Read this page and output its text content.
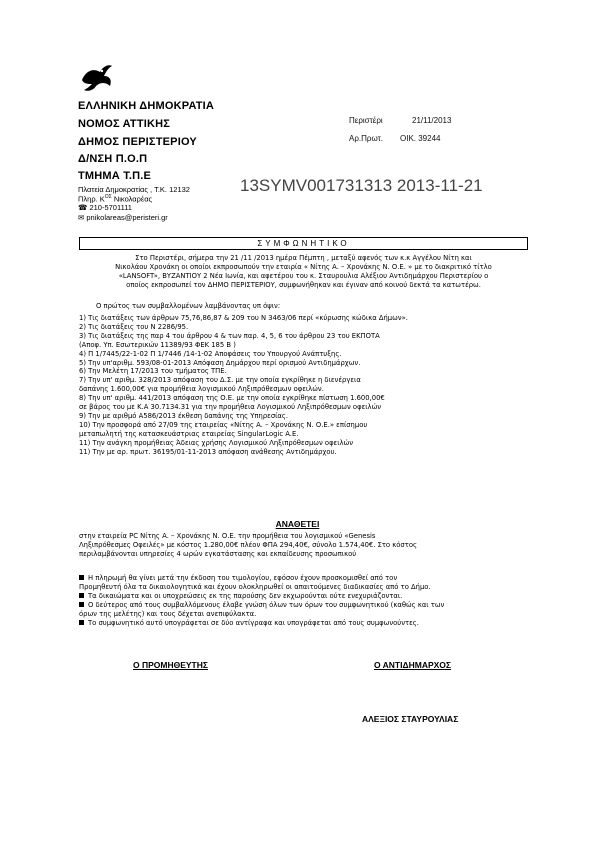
ΕΛΛΗΝΙΚΗ ΔΗΜΟΚΡΑΤΙΑ
ΝΟΜΟΣ ΑΤΤΙΚΗΣ
ΔΗΜΟΣ ΠΕΡΙΣΤΕΡΙΟΥ
Δ/ΝΣΗ Π.Ο.Π
ΤΜΗΜΑ Τ.Π.Ε
Πλατεία Δημοκρατίας , Τ.Κ. 12132
Πληρ. $K^{O\Sigma}$ Νικολαρέας
☎ 210-5701111
✉ pnikolareas@peristeri.gr
Περιστέρι	21/11/2013
Αρ.Πρωτ. ΟΙΚ. 39244
13SYMV001731313 2013-11-21
ΣΥΜΦΩΝΗΤΙΚΟ
Στο Περιστέρι, σήμερα την 21 /11 /2013 ημέρα Πέμπτη , μεταξύ αφενός των κ.κ Αγγέλου Νίτη και
Νικολάου Χρονάκη οι οποίοι εκπροσωπούν την εταιρία « Νίτης Α. – Χρονάκης Ν. Ο.Ε. » με το διακριτικό τίτλο
«LANSOFT», ΒΥΖΑΝΤΙΟΥ 2 Νέα Ιωνία, και αφετέρου του κ. Σταυρουλια Αλέξιου Αντιδημάρχου Περιστερίου ο
οποίος εκπροσωπεί τον ΔΗΜΟ ΠΕΡΙΣΤΕΡΙΟΥ, συμφωνήθηκαν και έγιναν από κοινού δεκτά τα κατωτέρω.
Ο πρώτος των συμβαλλομένων λαμβάνοντας υπ όψιν:
1) Τις διατάξεις των άρθρων 75,76,86,87 & 209 του Ν 3463/06 περί «κύρωσης κώδικα Δήμων».
2) Τις διατάξεις του Ν 2286/95.
3) Τις διατάξεις της παρ 4 του άρθρου 4 & των παρ. 4, 5, 6 του άρθρου 23 του ΕΚΠΟΤΑ
(Αποφ. Υπ. Εσωτερικών 11389/93 ΦΕΚ 185 Β )
4) Π 1/7445/22-1-02 Π 1/7446 /14-1-02 Αποφάσεις του Υπουργού Ανάπτυξης.
5) Την υπ'αριθμ. 593/08-01-2013 Απόφαση Δημάρχου περί ορισμού Αντιδημάρχων.
6) Την Μελέτη 17/2013 του τμήματος ΤΠΕ.
7) Την υπ' αριθμ. 328/2013 απόφαση του Δ.Σ. με την οποία εγκρίθηκε η διενέργεια
δαπάνης 1.600,00€ για προμήθεια λογισμικού Ληξιπρόθεσμων οφειλών.
8) Την υπ' αριθμ. 441/2013 απόφαση της Ο.Ε. με την οποία εγκρίθηκε πίστωση 1.600,00€
σε βάρος του με Κ.Α 30.7134.31 για την προμήθεια Λογισμικού Ληξιπρόθεσμων οφειλών
9) Την με αριθμό Α586/2013 έκθεση δαπάνης της Υπηρεσίας.
10) Την προσφορά από 27/09 της εταιρείας «Νίτης Α. – Χρονάκης Ν. Ο.Ε.» επίσημου
μεταπωλητή της κατασκευάστριας εταιρείας SingularLogic A.E.
11) Την ανάγκη προμήθειας Άδειας χρήσης Λογισμικού Ληξιπρόθεσμων οφειλών
11) Την με αρ. πρωτ. 36195/01-11-2013 απόφαση ανάθεσης Αντιδημάρχου.
ΑΝΑΘΕΤΕΙ
στην εταιρεία PC Νίτης Α. – Χρονάκης Ν. Ο.Ε. την προμήθεια του λογισμικού «Genesis
Ληξιπρόθεσμες Οφειλές» με κόστος 1.280,00€ πλέον ΦΠΑ 294,40€, σύνολο 1.574,40€. Στο κόστος
περιλαμβάνονται υπηρεσίες 4 ωρών εγκατάστασης και εκπαίδευσης προσωπικού
Η πληρωμή θα γίνει μετά την έκδοση του τιμολογίου, εφόσον έχουν προσκομισθεί από τον
Προμηθευτή όλα τα δικαιολογητικά και έχουν ολοκληρωθεί οι απαιτούμενες διαδικασίες από το Δήμο.
Τα δικαιώματα και οι υποχρεώσεις εκ της παρούσης δεν εκχωρούνται ούτε ενεχυριάζονται.
Ο δεύτερος από τους συμβαλλόμενους έλαβε γνώση όλων των όρων του συμφωνητικού (καθώς και των
όρων της μελέτης) και τους δέχεται ανεπιφύλακτα.
Το συμφωνητικό αυτό υπογράφεται σε δύο αντίγραφα και υπογράφεται από τους συμφωνούντες.
Ο ΠΡΟΜΗΘΕΥΤΗΣ	Ο ΑΝΤΙΔΗΜΑΡΧΟΣ
ΑΛΕΞΙΟΣ ΣΤΑΥΡΟΥΛΙΑΣ
